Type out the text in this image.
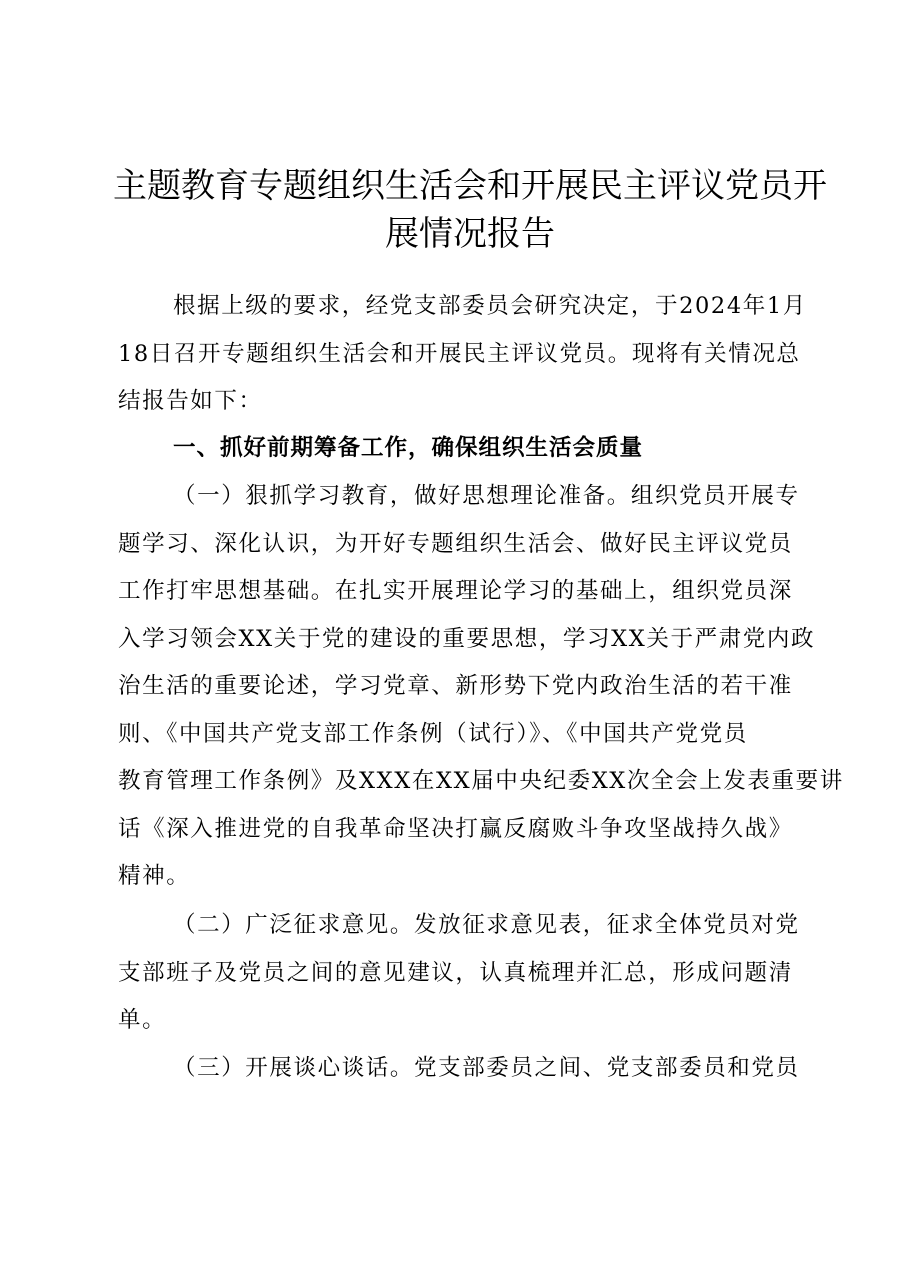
主题教育专题组织生活会和开展民主评议党员开
展情况报告
根据上级的要求，经党支部委员会研究决定，于2024年1月
18日召开专题组织生活会和开展民主评议党员。现将有关情况总
结报告如下：
一、抓好前期筹备工作，确保组织生活会质量
（一）狠抓学习教育，做好思想理论准备。组织党员开展专
题学习、深化认识，为开好专题组织生活会、做好民主评议党员
工作打牢思想基础。在扎实开展理论学习的基础上，组织党员深
入学习领会XX关于党的建设的重要思想，学习XX关于严肃党内政
治生活的重要论述，学习党章、新形势下党内政治生活的若干准
则、《中国共产党支部工作条例（试行）》、《中国共产党党员
教育管理工作条例》及XXX在XX届中央纪委XX次全会上发表重要讲
话《深入推进党的自我革命坚决打赢反腐败斗争攻坚战持久战》
精神。
（二）广泛征求意见。发放征求意见表，征求全体党员对党
支部班子及党员之间的意见建议，认真梳理并汇总，形成问题清
单。
（三）开展谈心谈话。党支部委员之间、党支部委员和党员
